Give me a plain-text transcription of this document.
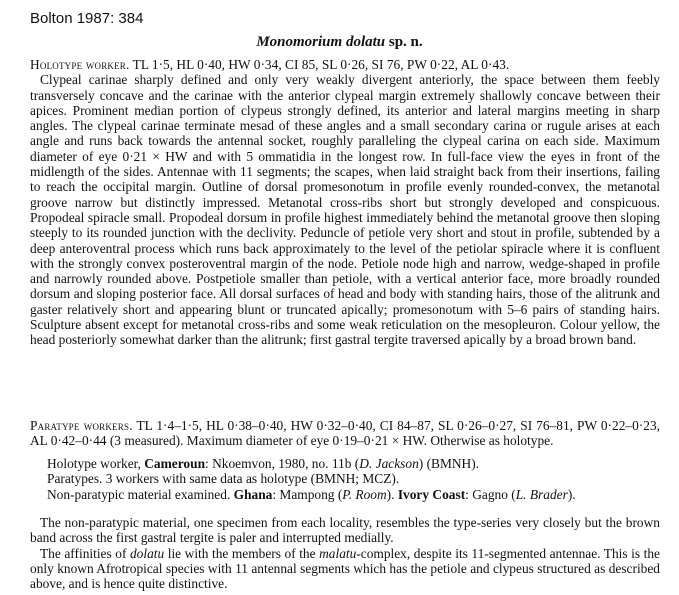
Bolton 1987: 384
Monomorium dolatu sp. n.

Holotype worker. TL 1·5, HL 0·40, HW 0·34, CI 85, SL 0·26, SI 76, PW 0·22, AL 0·43.

Clypeal carinae sharply defined and only very weakly divergent anteriorly, the space between them feebly transversely concave and the carinae with the anterior clypeal margin extremely shallowly concave between their apices. Prominent median portion of clypeus strongly defined, its anterior and lateral margins meeting in sharp angles. The clypeal carinae terminate mesad of these angles and a small secondary carina or rugule arises at each angle and runs back towards the antennal socket, roughly paralleling the clypeal carina on each side. Maximum diameter of eye 0·21 × HW and with 5 ommatidia in the longest row. In full-face view the eyes in front of the midlength of the sides. Antennae with 11 segments; the scapes, when laid straight back from their insertions, failing to reach the occipital margin. Outline of dorsal promesonotum in profile evenly rounded-convex, the metanotal groove narrow but distinctly impressed. Metanotal cross-ribs short but strongly developed and conspicuous. Propodeal spiracle small. Propodeal dorsum in profile highest immediately behind the metanotal groove then sloping steeply to its rounded junction with the declivity. Peduncle of petiole very short and stout in profile, subtended by a deep anteroventral process which runs back approximately to the level of the petiolar spiracle where it is confluent with the strongly convex posteroventral margin of the node. Petiole node high and narrow, wedge-shaped in profile and narrowly rounded above. Postpetiole smaller than petiole, with a vertical anterior face, more broadly rounded dorsum and sloping posterior face. All dorsal surfaces of head and body with standing hairs, those of the alitrunk and gaster relatively short and appearing blunt or truncated apically; promesonotum with 5–6 pairs of standing hairs. Sculpture absent except for metanotal cross-ribs and some weak reticulation on the mesopleuron. Colour yellow, the head posteriorly somewhat darker than the alitrunk; first gastral tergite traversed apically by a broad brown band.

Paratype workers. TL 1·4–1·5, HL 0·38–0·40, HW 0·32–0·40, CI 84–87, SL 0·26–0·27, SI 76–81, PW 0·22–0·23, AL 0·42–0·44 (3 measured). Maximum diameter of eye 0·19–0·21 × HW. Otherwise as holotype.

Holotype worker, Cameroun: Nkoemvon, 1980, no. 11b (D. Jackson) (BMNH).
Paratypes. 3 workers with same data as holotype (BMNH; MCZ).
Non-paratypic material examined. Ghana: Mampong (P. Room). Ivory Coast: Gagno (L. Brader).

The non-paratypic material, one specimen from each locality, resembles the type-series very closely but the brown band across the first gastral tergite is paler and interrupted medially.

The affinities of dolatu lie with the members of the malatu-complex, despite its 11-segmented antennae. This is the only known Afrotropical species with 11 antennal segments which has the petiole and clypeus structured as described above, and is hence quite distinctive.
